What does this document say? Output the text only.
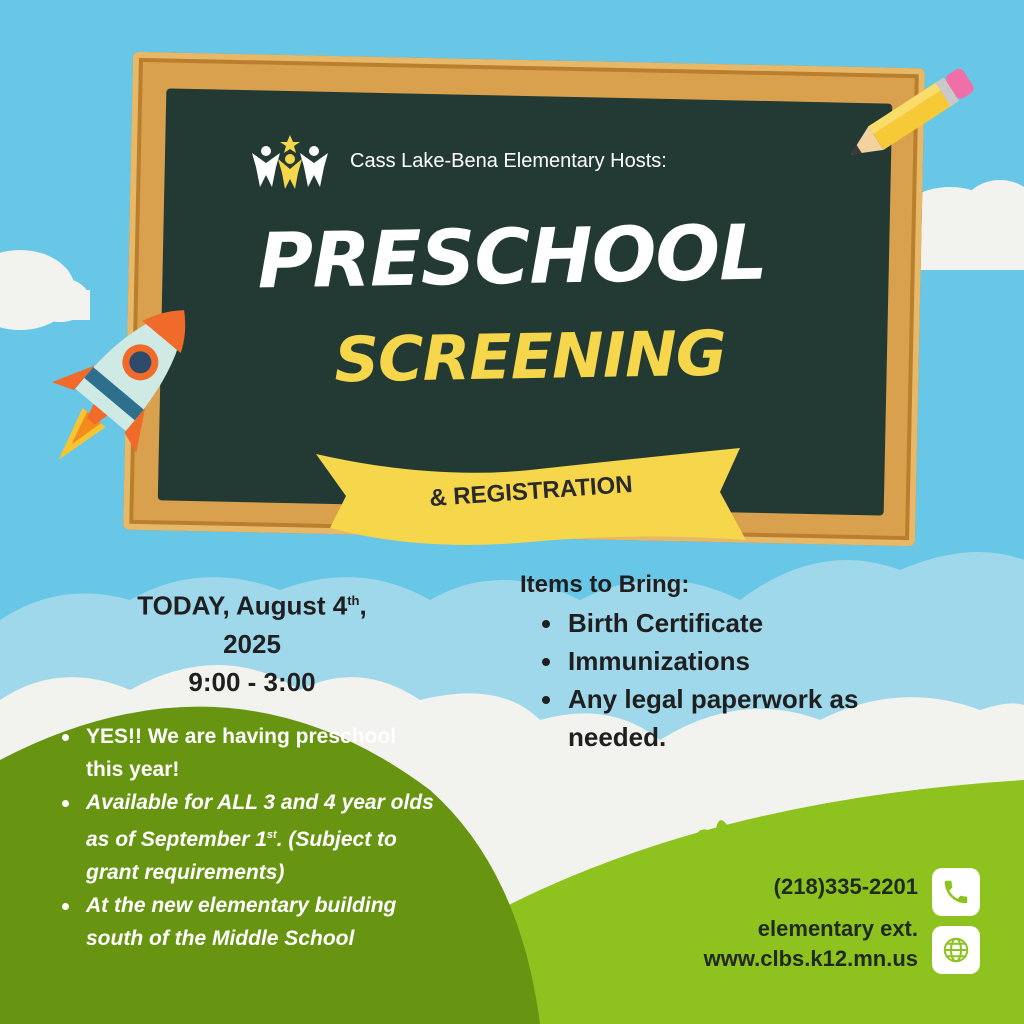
Cass Lake-Bena Elementary Hosts:
PRESCHOOL
SCREENING
& REGISTRATION
TODAY, August 4th,
2025
9:00 - 3:00
Items to Bring:
Birth Certificate
Immunizations
Any legal paperwork as needed.
YES!! We are having preschool this year!
Available for ALL 3 and 4 year olds as of September 1st. (Subject to grant requirements)
At the new elementary building south of the Middle School
(218)335-2201
elementary ext.
www.clbs.k12.mn.us
